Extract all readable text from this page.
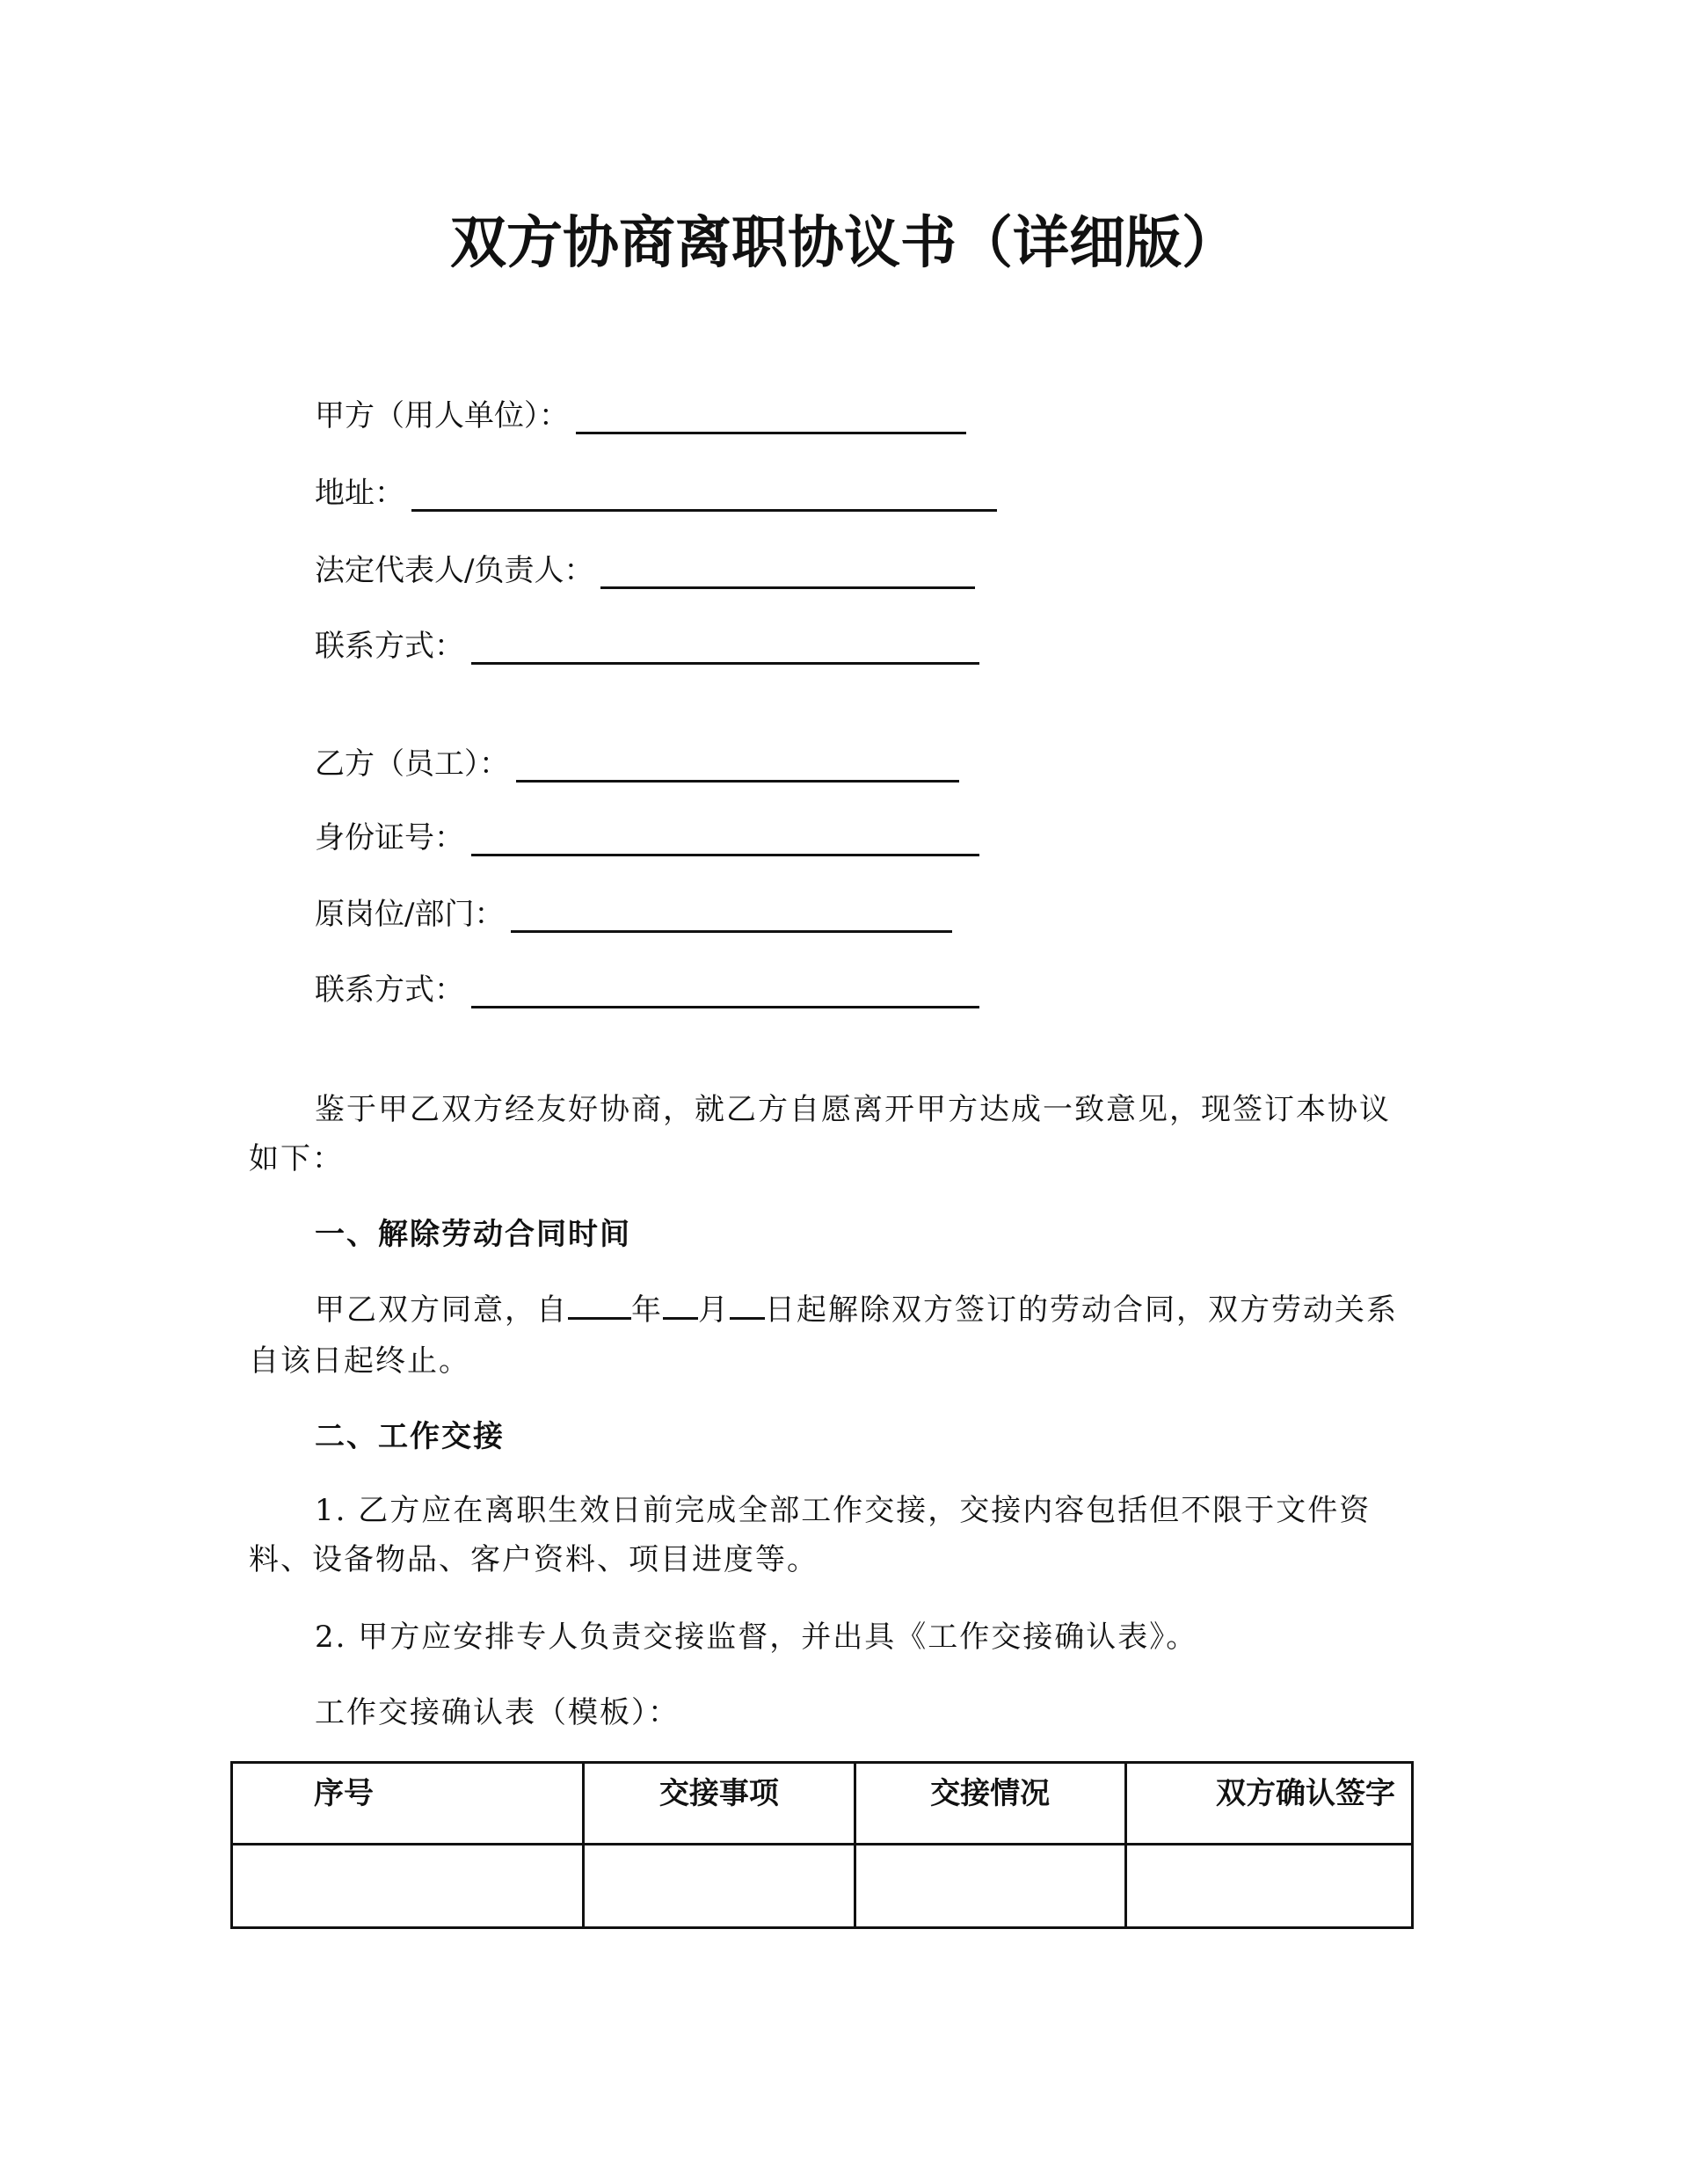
双方协商离职协议书（详细版）
甲方（用人单位）：
地址：
法定代表人/负责人：
联系方式：
乙方（员工）：
身份证号：
原岗位/部门：
联系方式：
鉴于甲乙双方经友好协商，就乙方自愿离开甲方达成一致意见，现签订本协议
如下：
一、解除劳动合同时间
甲乙双方同意，自 年 月 日起解除双方签订的劳动合同，双方劳动关系
自该日起终止。
二、工作交接
1. 乙方应在离职生效日前完成全部工作交接，交接内容包括但不限于文件资
料、设备物品、客户资料、项目进度等。
2. 甲方应安排专人负责交接监督，并出具《工作交接确认表》。
工作交接确认表（模板）：
序号	交接事项	交接情况	双方确认签字
